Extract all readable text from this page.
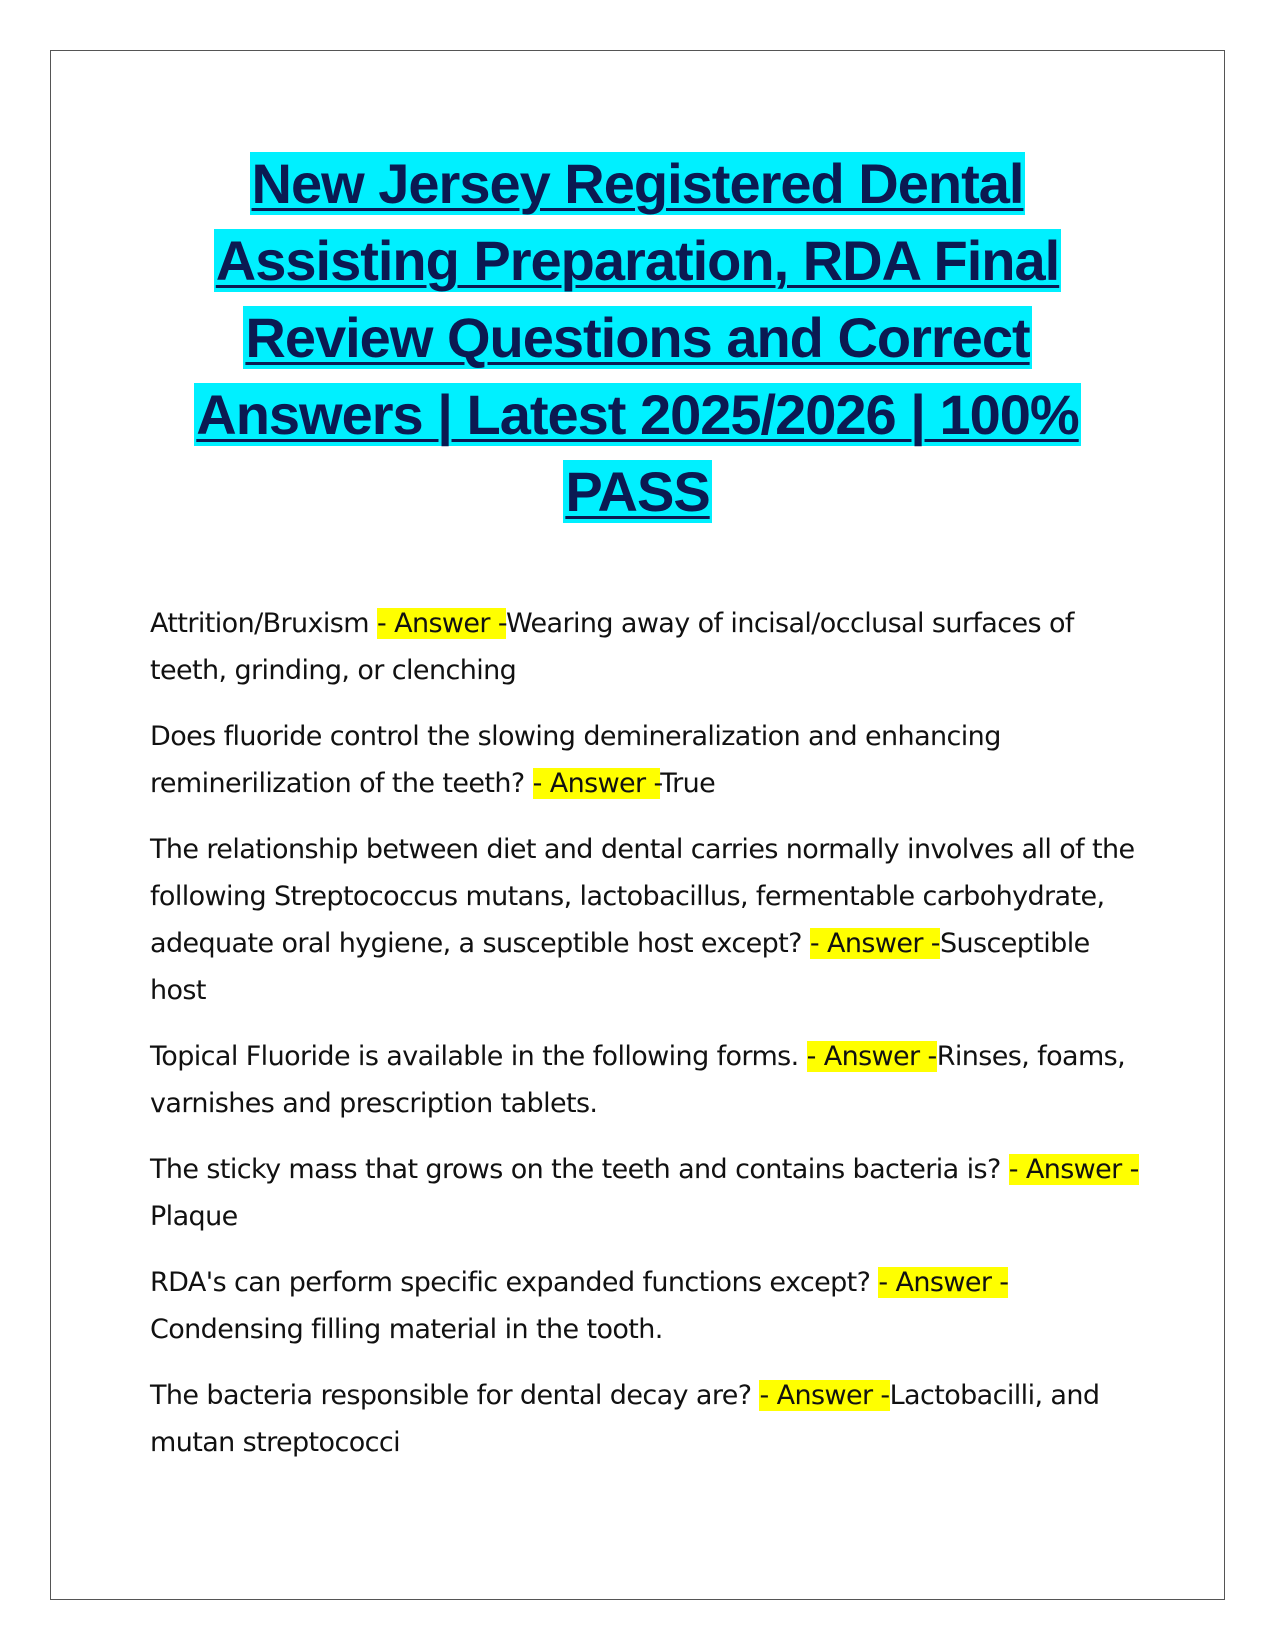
New Jersey Registered Dental Assisting Preparation, RDA Final Review Questions and Correct Answers | Latest 2025/2026 | 100% PASS

Attrition/Bruxism - Answer -Wearing away of incisal/occlusal surfaces of teeth, grinding, or clenching

Does fluoride control the slowing demineralization and enhancing reminerilization of the teeth? - Answer -True

The relationship between diet and dental carries normally involves all of the following Streptococcus mutans, lactobacillus, fermentable carbohydrate, adequate oral hygiene, a susceptible host except? - Answer -Susceptible host

Topical Fluoride is available in the following forms. - Answer -Rinses, foams, varnishes and prescription tablets.

The sticky mass that grows on the teeth and contains bacteria is? - Answer -Plaque

RDA's can perform specific expanded functions except? - Answer -Condensing filling material in the tooth.

The bacteria responsible for dental decay are? - Answer -Lactobacilli, and mutan streptococci
